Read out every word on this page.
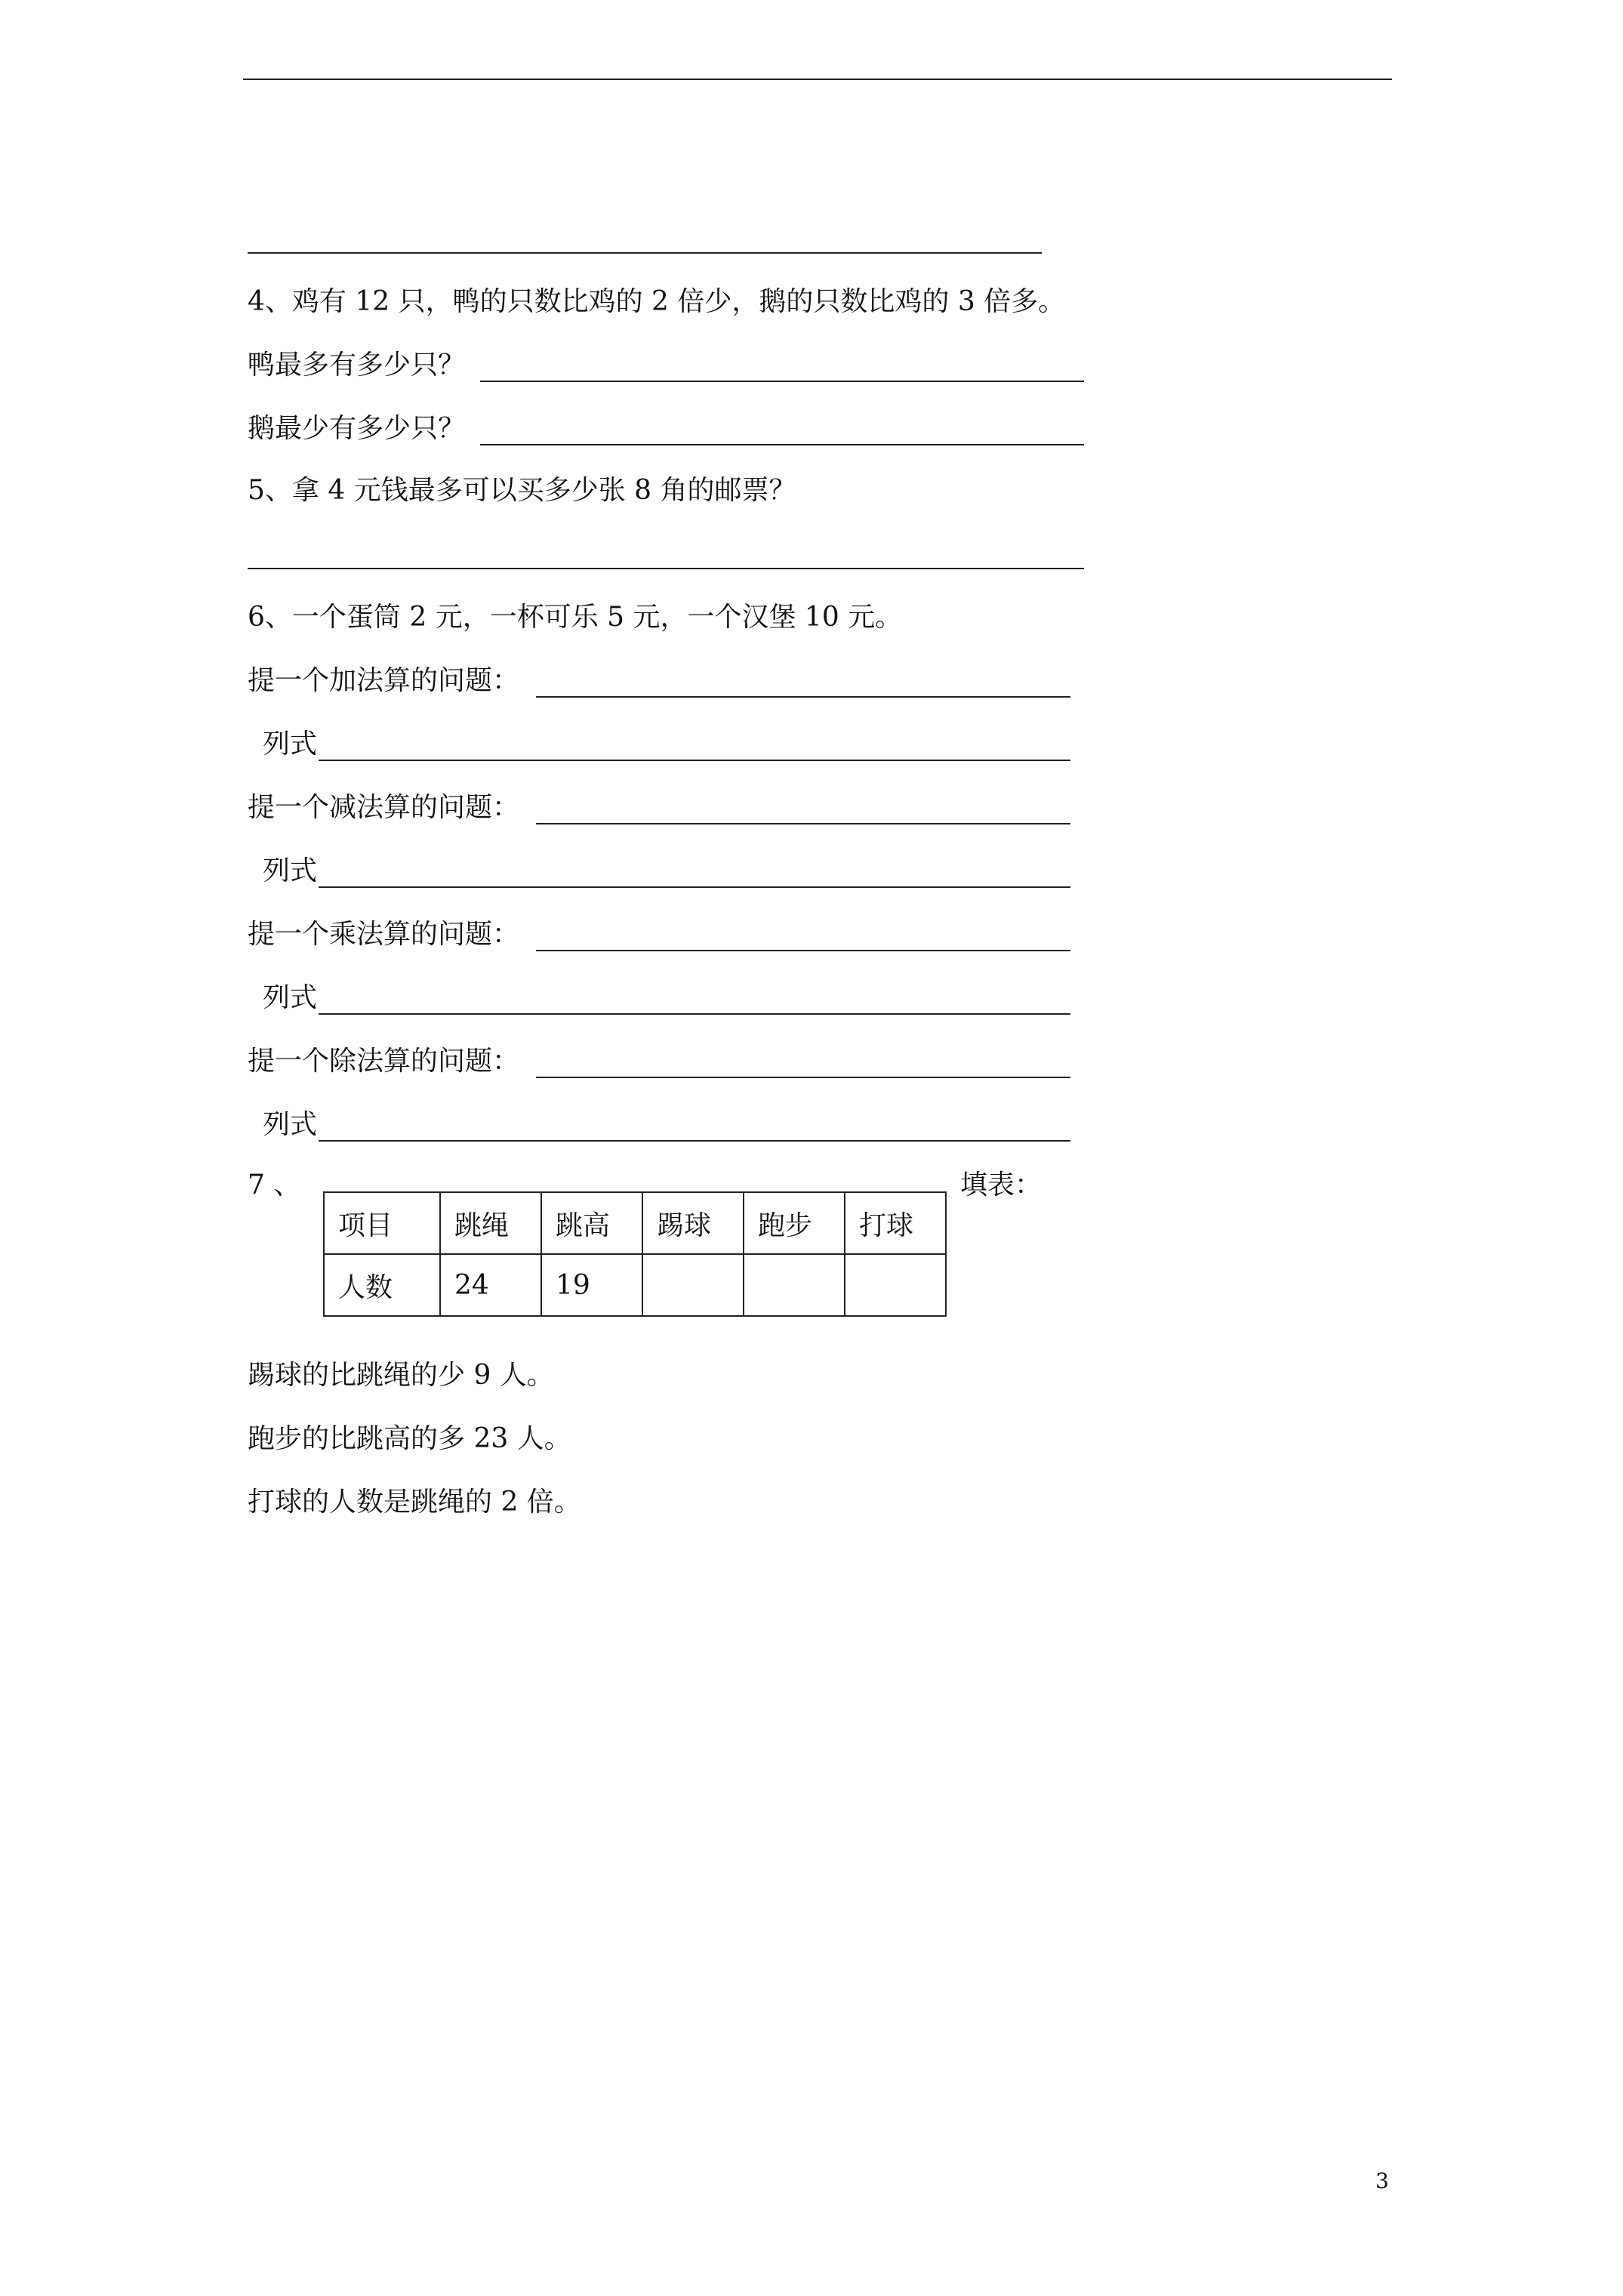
4、鸡有 12 只，鸭的只数比鸡的 2 倍少，鹅的只数比鸡的 3 倍多。
鸭最多有多少只？
鹅最少有多少只？
5、拿 4 元钱最多可以买多少张 8 角的邮票？
6、一个蛋筒 2 元，一杯可乐 5 元，一个汉堡 10 元。
提一个加法算的问题：
列式
提一个减法算的问题：
列式
提一个乘法算的问题：
列式
提一个除法算的问题：
列式
7 、	填表：
项目	跳绳	跳高	踢球	跑步	打球
人数	24	19			
踢球的比跳绳的少 9 人。
跑步的比跳高的多 23 人。
打球的人数是跳绳的 2 倍。
3
